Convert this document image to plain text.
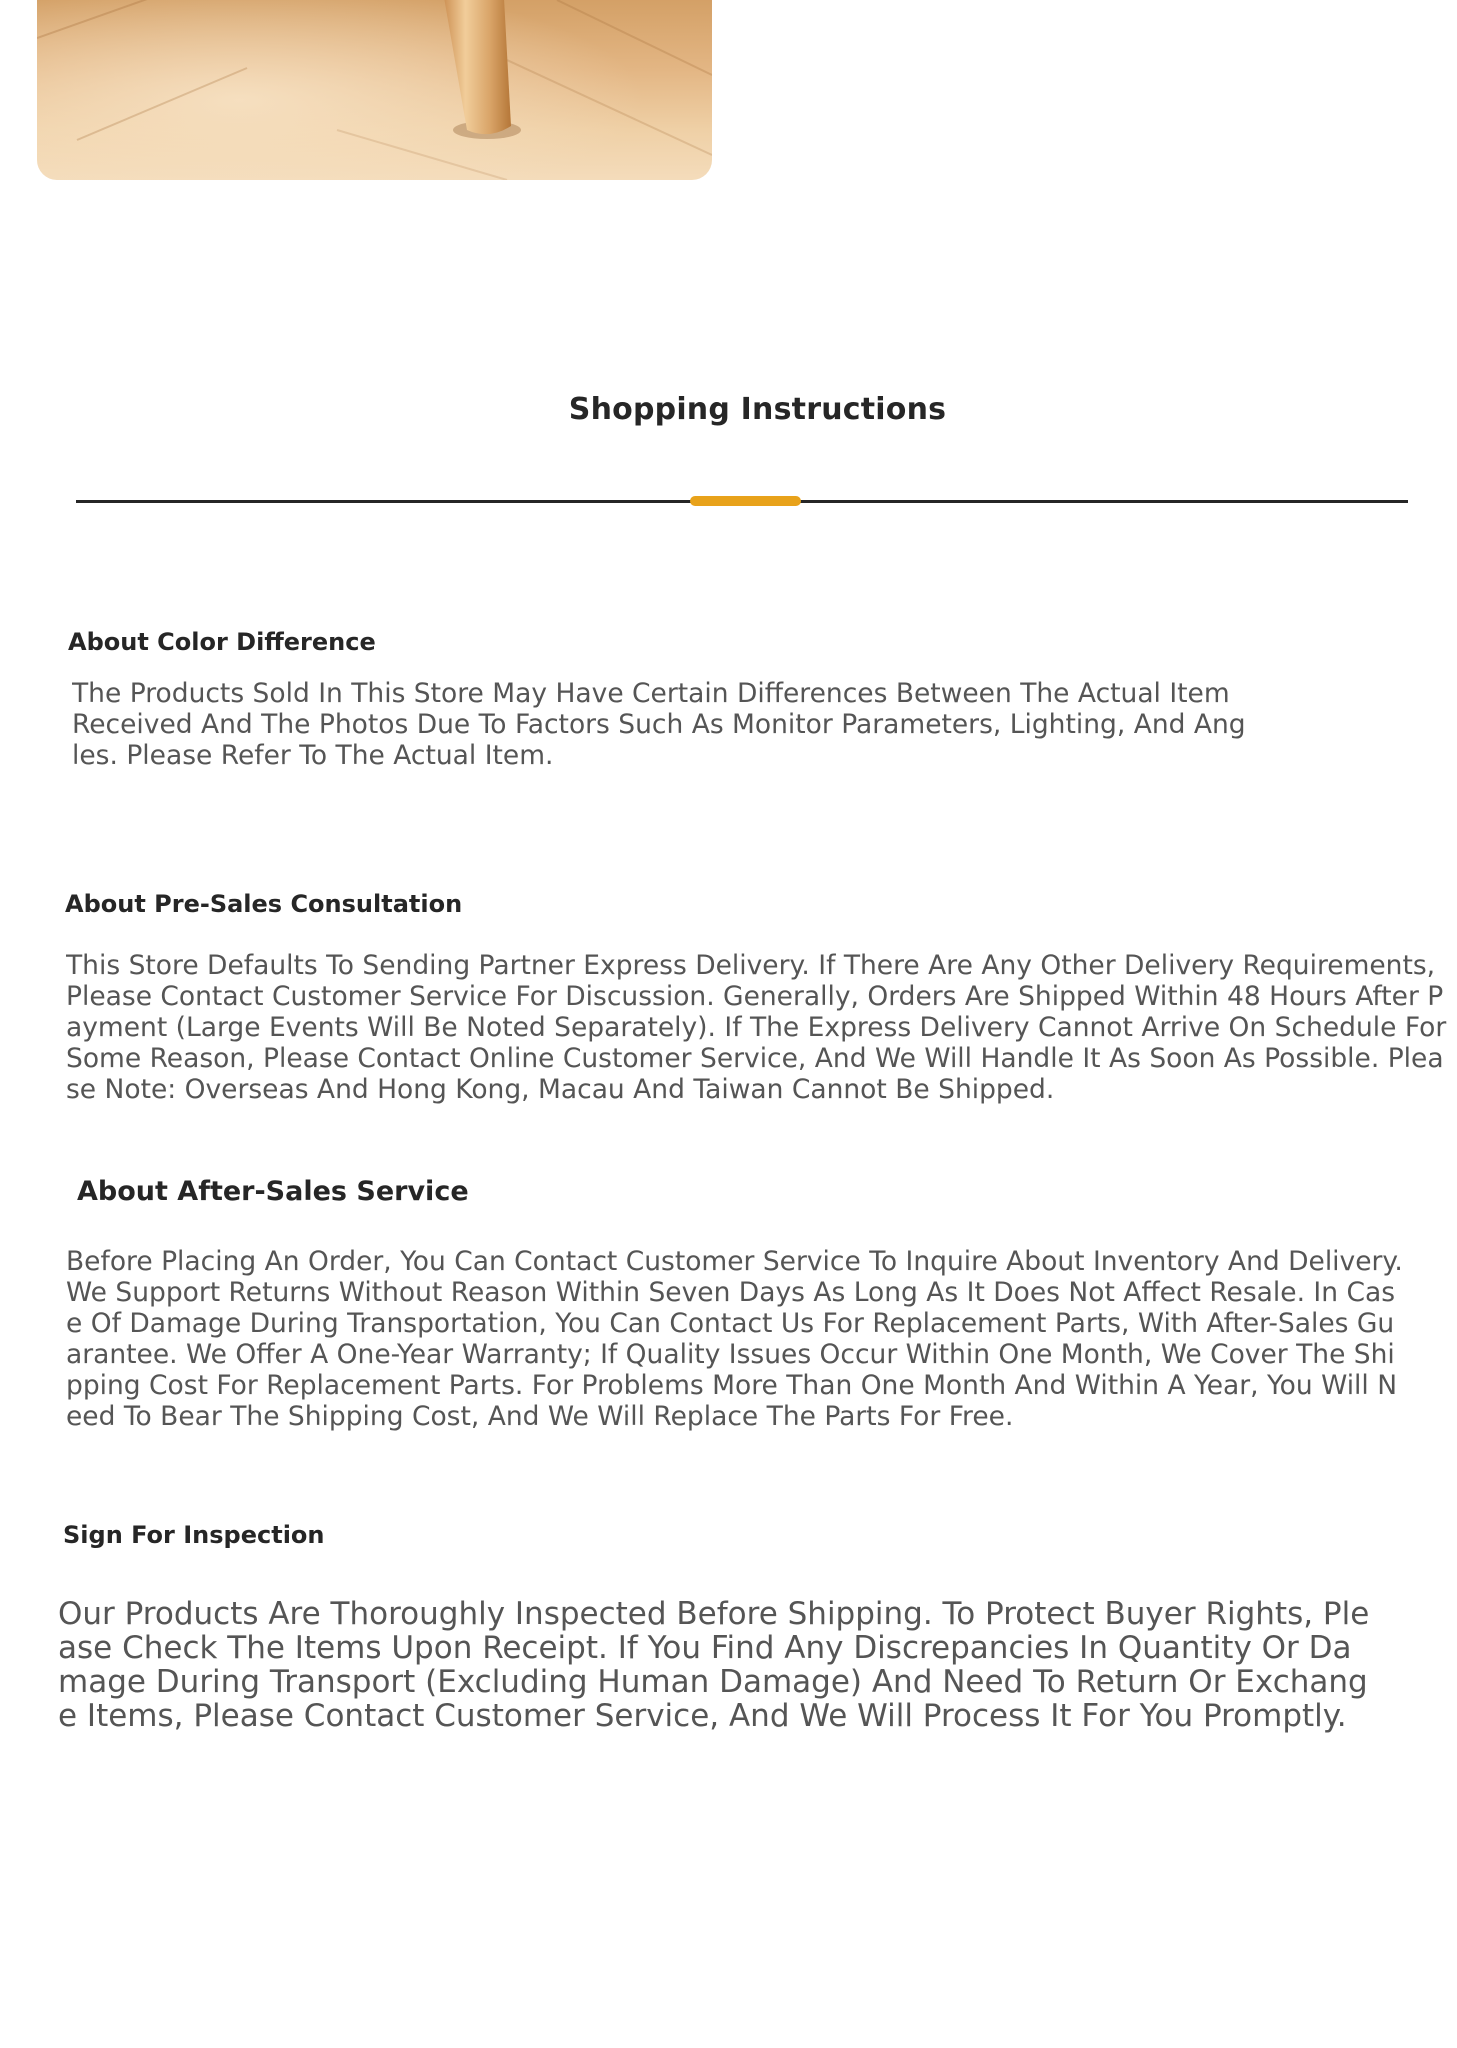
Shopping Instructions
About Color Difference

The Products Sold In This Store May Have Certain Differences Between The Actual Item Received And The Photos Due To Factors Such As Monitor Parameters, Lighting, And Angles. Please Refer To The Actual Item.

About Pre-Sales Consultation

This Store Defaults To Sending Partner Express Delivery. If There Are Any Other Delivery Requirements, Please Contact Customer Service For Discussion. Generally, Orders Are Shipped Within 48 Hours After Payment (Large Events Will Be Noted Separately). If The Express Delivery Cannot Arrive On Schedule For Some Reason, Please Contact Online Customer Service, And We Will Handle It As Soon As Possible. Please Note: Overseas And Hong Kong, Macau And Taiwan Cannot Be Shipped.

About After-Sales Service

Before Placing An Order, You Can Contact Customer Service To Inquire About Inventory And Delivery. We Support Returns Without Reason Within Seven Days As Long As It Does Not Affect Resale. In Case Of Damage During Transportation, You Can Contact Us For Replacement Parts, With After-Sales Guarantee. We Offer A One-Year Warranty; If Quality Issues Occur Within One Month, We Cover The Shipping Cost For Replacement Parts. For Problems More Than One Month And Within A Year, You Will Need To Bear The Shipping Cost, And We Will Replace The Parts For Free.

Sign For Inspection

Our Products Are Thoroughly Inspected Before Shipping. To Protect Buyer Rights, Please Check The Items Upon Receipt. If You Find Any Discrepancies In Quantity Or Damage During Transport (Excluding Human Damage) And Need To Return Or Exchange Items, Please Contact Customer Service, And We Will Process It For You Promptly.
